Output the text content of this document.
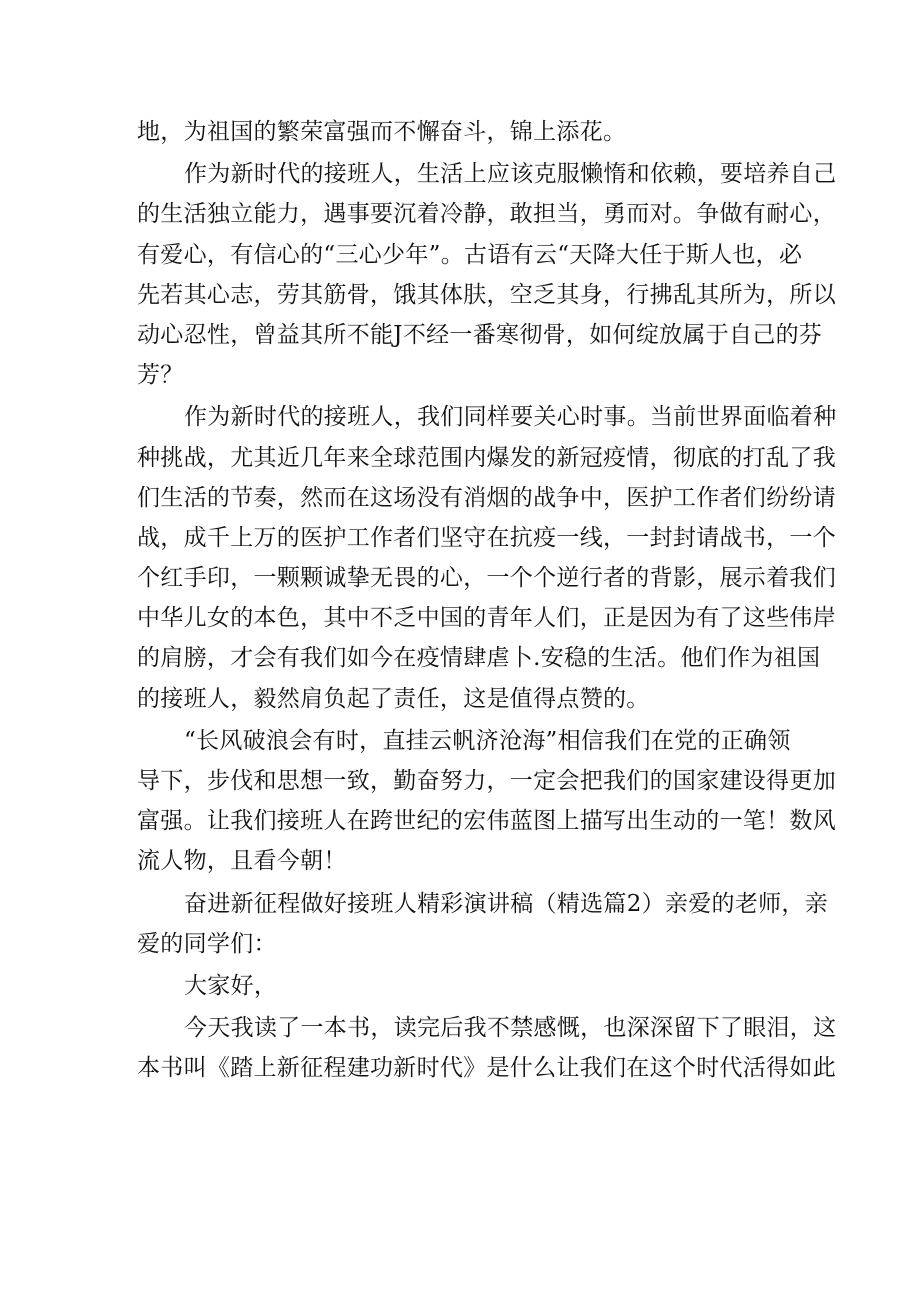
地，为祖国的繁荣富强而不懈奋斗，锦上添花。
作为新时代的接班人，生活上应该克服懒惰和依赖，要培养自己
的生活独立能力，遇事要沉着冷静，敢担当，勇而对。争做有耐心，
有爱心，有信心的“三心少年”。古语有云“天降大任于斯人也，必
先若其心志，劳其筋骨，饿其体肤，空乏其身，行拂乱其所为，所以
动心忍性，曾益其所不能J不经一番寒彻骨，如何绽放属于自己的芬
芳？
作为新时代的接班人，我们同样要关心时事。当前世界面临着种
种挑战，尤其近几年来全球范围内爆发的新冠疫情，彻底的打乱了我
们生活的节奏，然而在这场没有消烟的战争中，医护工作者们纷纷请
战，成千上万的医护工作者们坚守在抗疫一线，一封封请战书，一个
个红手印，一颗颗诚挚无畏的心，一个个逆行者的背影，展示着我们
中华儿女的本色，其中不乏中国的青年人们，正是因为有了这些伟岸
的肩膀，才会有我们如今在疫情肆虐卜.安稳的生活。他们作为祖国
的接班人，毅然肩负起了责任，这是值得点赞的。
“长风破浪会有时，直挂云帆济沧海”相信我们在党的正确领
导下，步伐和思想一致，勤奋努力，一定会把我们的国家建设得更加
富强。让我们接班人在跨世纪的宏伟蓝图上描写出生动的一笔！数风
流人物，且看今朝！
奋进新征程做好接班人精彩演讲稿（精选篇2）亲爱的老师，亲
爱的同学们：
大家好，
今天我读了一本书，读完后我不禁感慨，也深深留下了眼泪，这
本书叫《踏上新征程建功新时代》是什么让我们在这个时代活得如此
